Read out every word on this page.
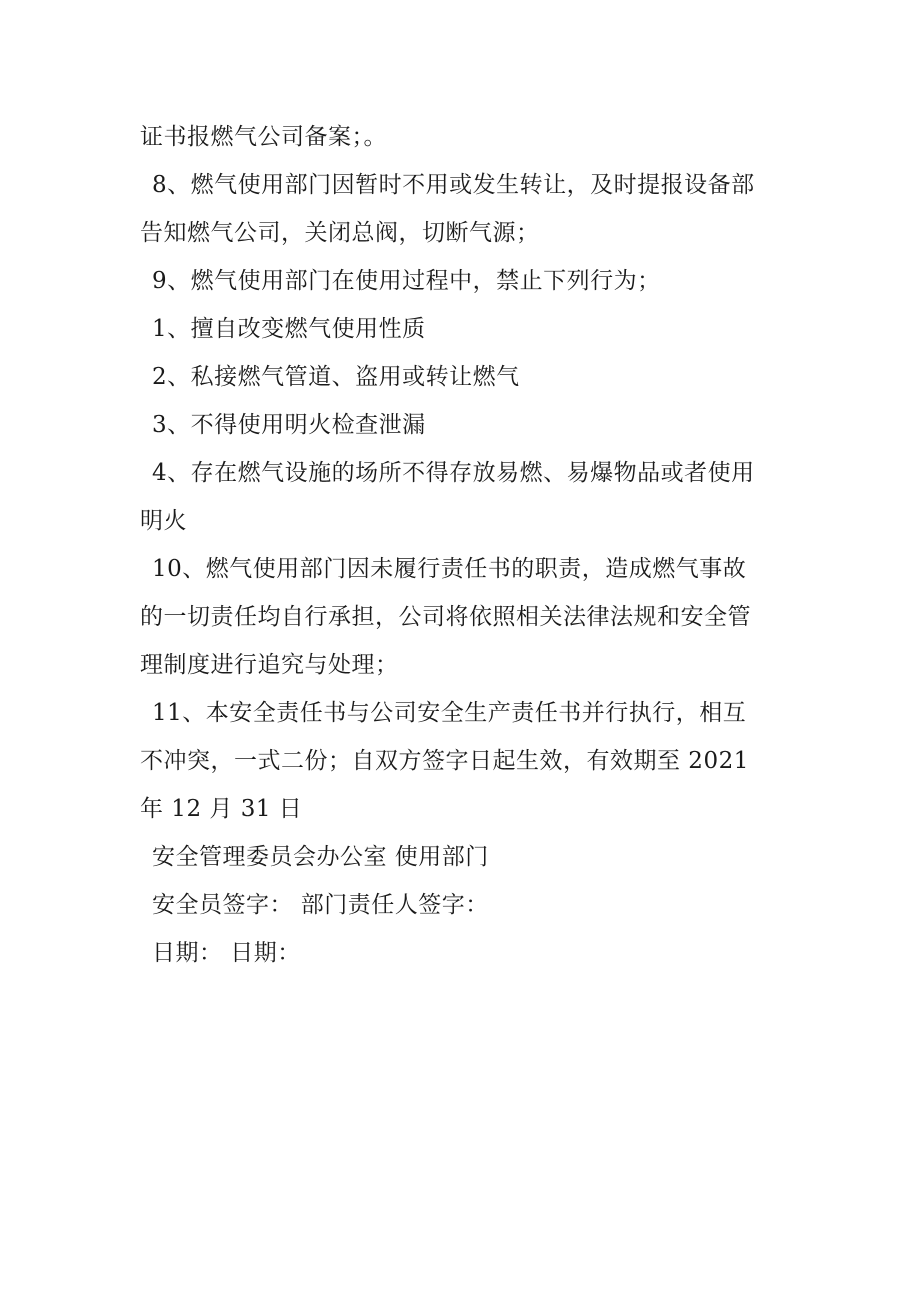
证书报燃气公司备案；。
8、燃气使用部门因暂时不用或发生转让，及时提报设备部
告知燃气公司，关闭总阀，切断气源；
9、燃气使用部门在使用过程中，禁止下列行为；
1、擅自改变燃气使用性质
2、私接燃气管道、盗用或转让燃气
3、不得使用明火检查泄漏
4、存在燃气设施的场所不得存放易燃、易爆物品或者使用
明火
10、燃气使用部门因未履行责任书的职责，造成燃气事故
的一切责任均自行承担，公司将依照相关法律法规和安全管
理制度进行追究与处理；
11、本安全责任书与公司安全生产责任书并行执行，相互
不冲突，一式二份；自双方签字日起生效，有效期至 2021
年 12 月 31 日
安全管理委员会办公室 使用部门
安全员签字： 部门责任人签字：
日期： 日期：
